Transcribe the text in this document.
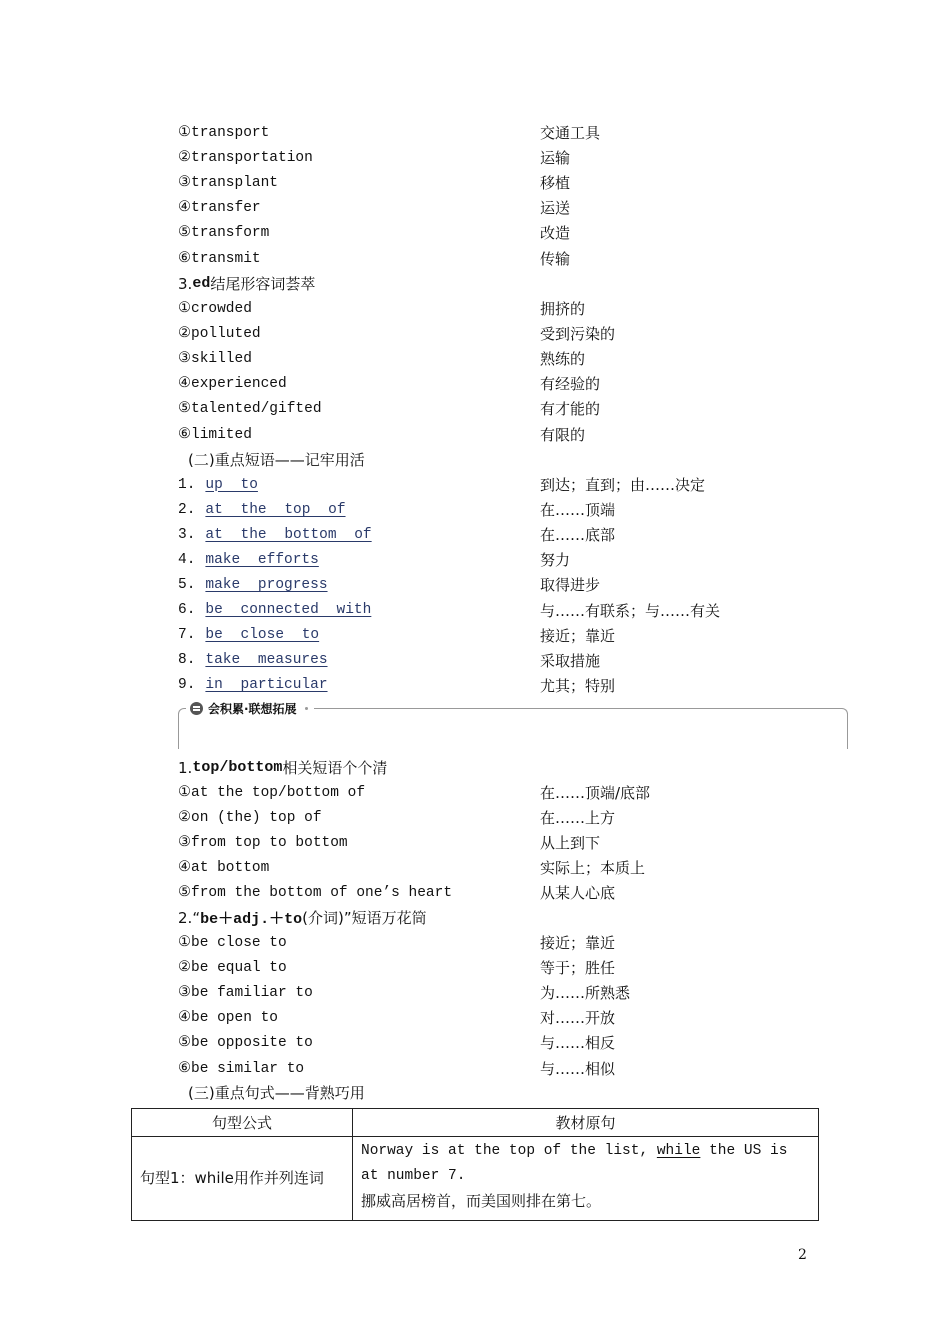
①transport	交通工具
②transportation	运输
③transplant	移植
④transfer	运送
⑤transform	改造
⑥transmit	传输
3. ed 结尾形容词荟萃
①crowded	拥挤的
②polluted	受到污染的
③skilled	熟练的
④experienced	有经验的
⑤talented/gifted	有才能的
⑥limited	有限的
(二)重点短语——记牢用活
1. up to	到达；直到；由……决定
2. at the top of	在……顶端
3. at the bottom of	在……底部
4. make efforts	努力
5. make progress	取得进步
6. be connected with	与……有联系；与……有关
7. be close to	接近；靠近
8. take measures	采取措施
9. in particular	尤其；特别
会积累·联想拓展
1. top/bottom 相关短语个个清
①at the top/bottom of	在……顶端/底部
②on (the) top of	在……上方
③from top to bottom	从上到下
④at bottom	实际上；本质上
⑤from the bottom of one’s heart	从某人心底
2. “ be＋adj.＋to (介词)”短语万花筒
①be close to	接近；靠近
②be equal to	等于；胜任
③be familiar to	为……所熟悉
④be open to	对……开放
⑤be opposite to	与……相反
⑥be similar to	与……相似
(三)重点句式——背熟巧用
句型公式	教材原句
句型1：while用作并列连词	Norway is at the top of the list, while the US is at number 7.
挪威高居榜首，而美国则排在第七。
2
